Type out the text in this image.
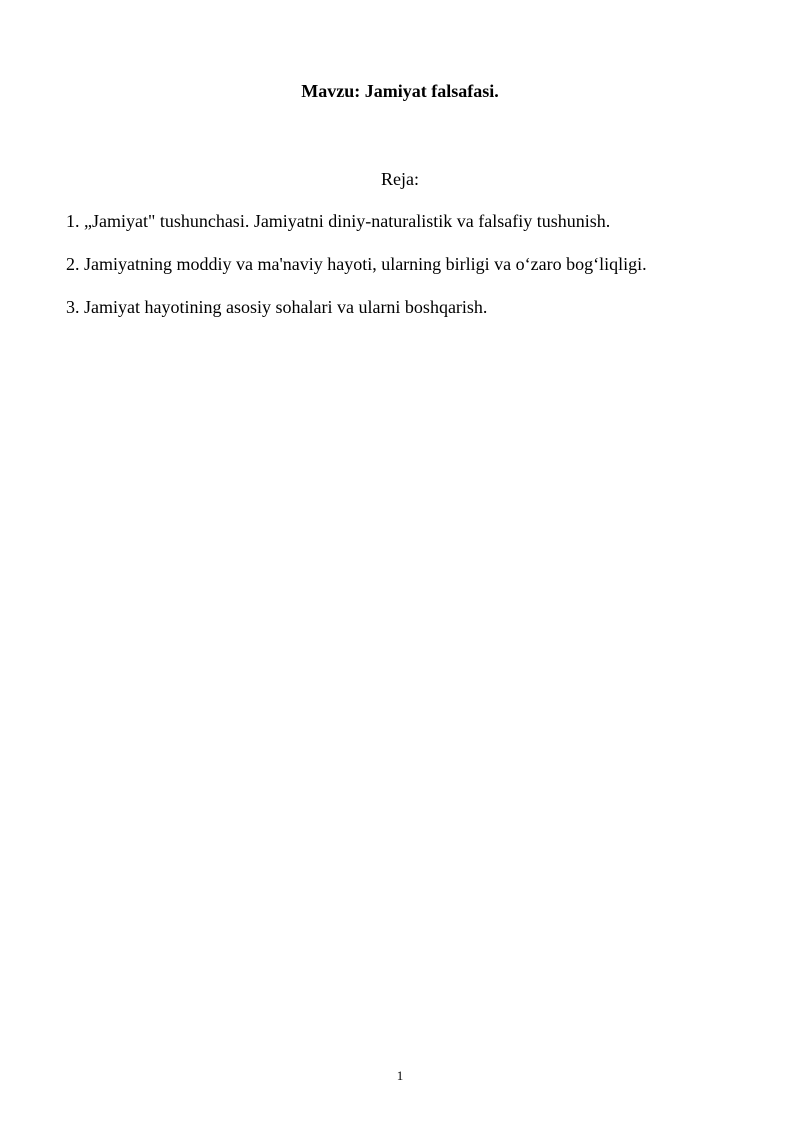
Mavzu: Jamiyat falsafasi.

Reja:

1. „Jamiyat" tushunchasi. Jamiyatni diniy-naturalistik va falsafiy tushunish.
2. Jamiyatning moddiy va ma'naviy hayoti, ularning birligi va o‘zaro bog‘liqligi.
3. Jamiyat hayotining asosiy sohalari va ularni boshqarish.

1
